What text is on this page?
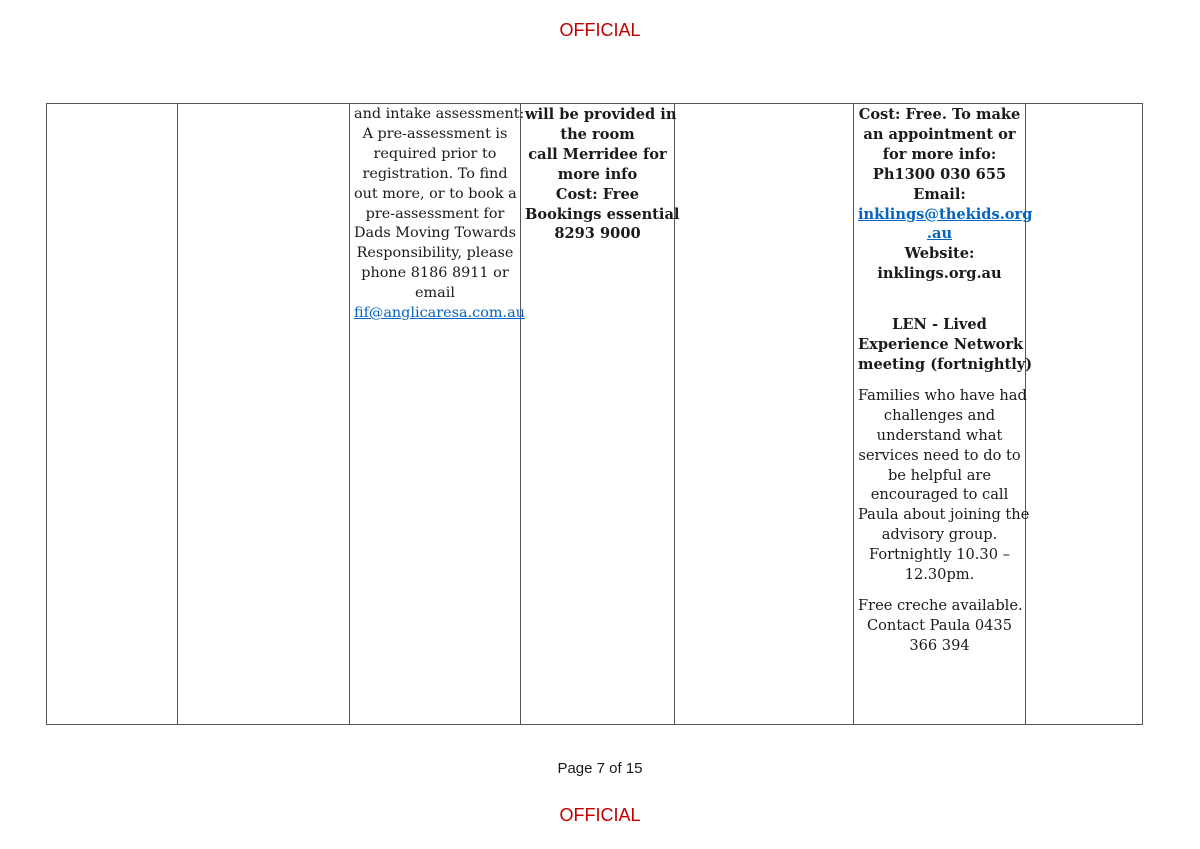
OFFICIAL
and intake assessment:
A pre-assessment is
required prior to
registration. To find
out more, or to book a
pre-assessment for
Dads Moving Towards
Responsibility, please
phone 8186 8911 or
email
fif@anglicaresa.com.au
will be provided in
the room
call Merridee for
more info
Cost: Free
Bookings essential
8293 9000
Cost: Free. To make
an appointment or
for more info:
Ph1300 030 655
Email:
inklings@thekids.org
.au
Website:
inklings.org.au
LEN - Lived
Experience Network
meeting (fortnightly)
Families who have had
challenges and
understand what
services need to do to
be helpful are
encouraged to call
Paula about joining the
advisory group.
Fortnightly 10.30 –
12.30pm.
Free creche available.
Contact Paula 0435
366 394
Page 7 of 15
OFFICIAL
